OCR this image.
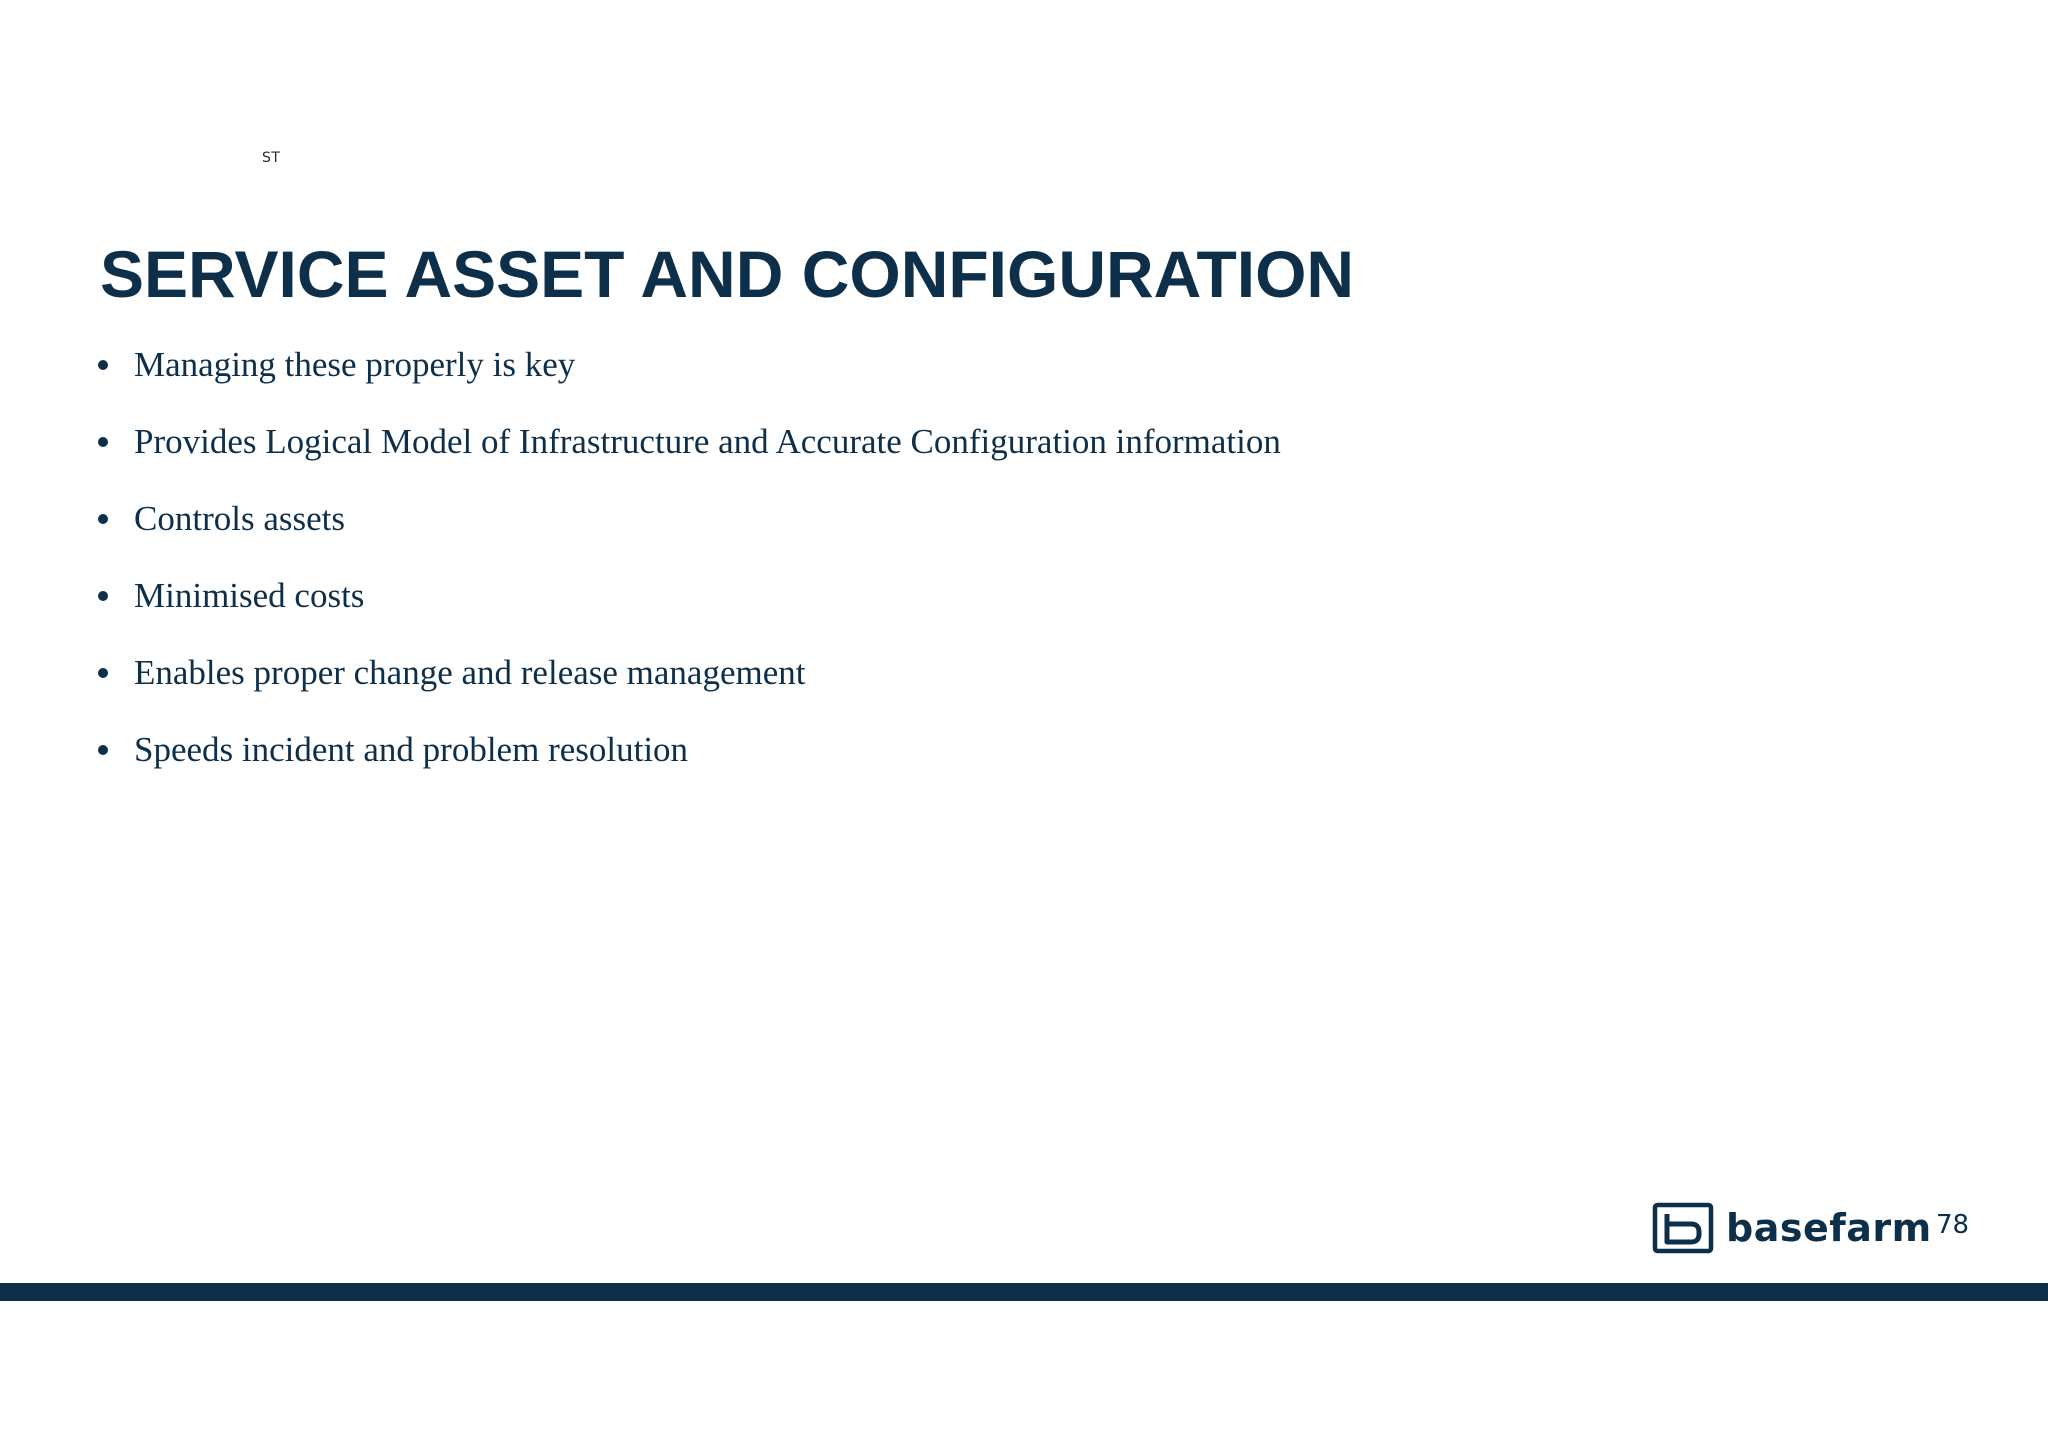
ST
SERVICE ASSET AND CONFIGURATION
Managing these properly is key
Provides Logical Model of Infrastructure and Accurate Configuration information
Controls assets
Minimised costs
Enables proper change and release management
Speeds incident and problem resolution
basefarm 78
